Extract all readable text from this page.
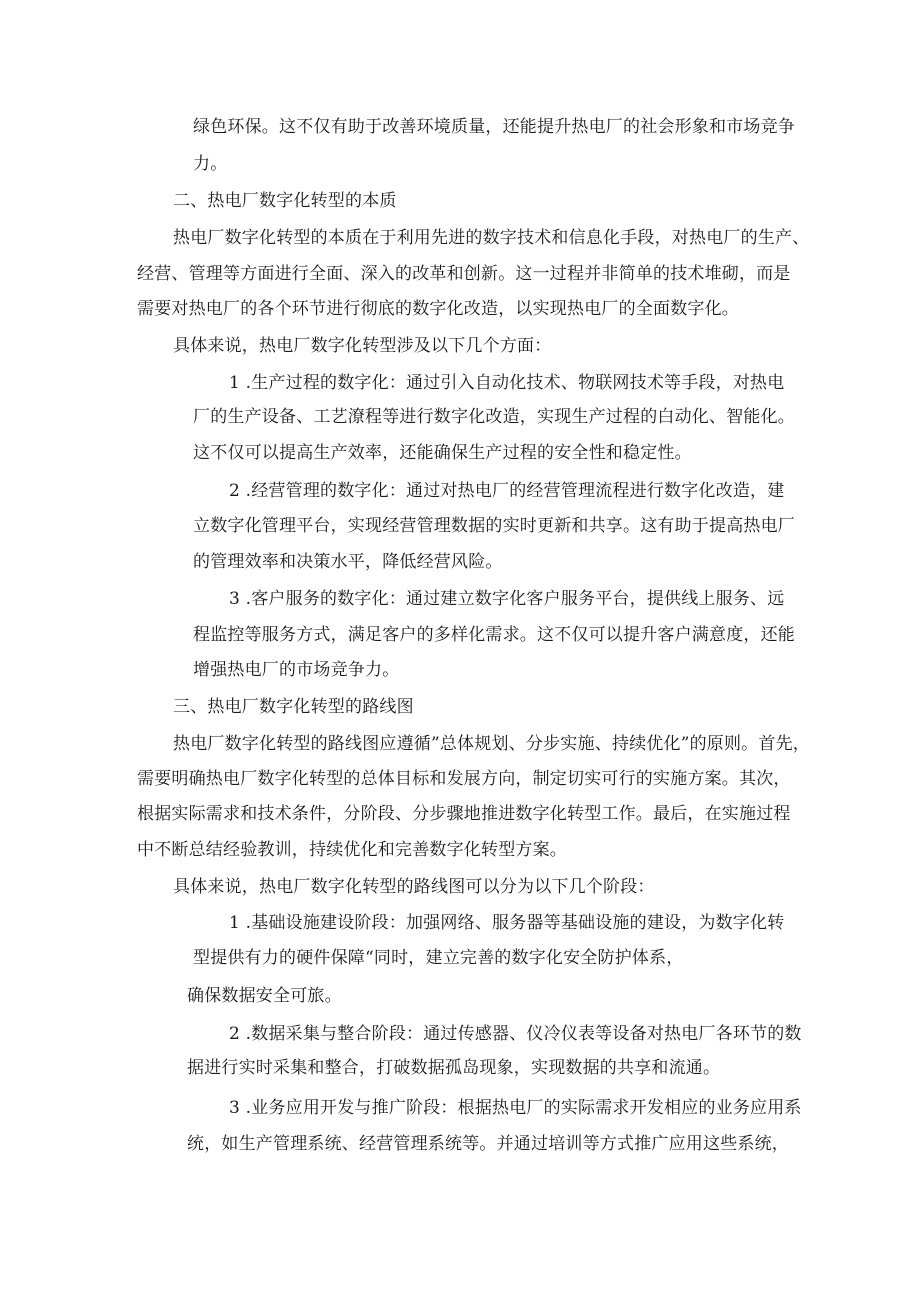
绿色环保。这不仅有助于改善环境质量，还能提升热电厂的社会形象和市场竞争
力。
二、热电厂数字化转型的本质
热电厂数字化转型的本质在于利用先进的数字技术和信息化手段，对热电厂的生产、
经营、管理等方面进行全面、深入的改革和创新。这一过程并非简单的技术堆砌，而是
需要对热电厂的各个环节进行彻底的数字化改造，以实现热电厂的全面数字化。
具体来说，热电厂数字化转型涉及以下几个方面：
1 .生产过程的数字化：通过引入自动化技术、物联网技术等手段，对热电
厂的生产设备、工艺潦程等进行数字化改造，实现生产过程的白动化、智能化。
这不仅可以提高生产效率，还能确保生产过程的安全性和稳定性。
2 .经营管理的数字化：通过对热电厂的经营管理流程进行数字化改造，建
立数字化管理平台，实现经营管理数据的实时更新和共享。这有助于提高热电厂
的管理效率和决策水平，降低经营风险。
3 .客户服务的数字化：通过建立数字化客户服务平台，提供线上服务、远
程监控等服务方式，满足客户的多样化需求。这不仅可以提升客户满意度，还能
增强热电厂的市场竞争力。
三、热电厂数字化转型的路线图
热电厂数字化转型的路线图应遵循”总体规划、分步实施、持续优化”的原则。首先，
需要明确热电厂数字化转型的总体目标和发展方向，制定切实可行的实施方案。其次，
根据实际需求和技术条件，分阶段、分步骤地推进数字化转型工作。最后，在实施过程
中不断总结经验教训，持续优化和完善数字化转型方案。
具体来说，热电厂数字化转型的路线图可以分为以下几个阶段：
1 .基础设施建设阶段：加强网络、服务器等基础设施的建设，为数字化转
型提供有力的硬件保障“同时，建立完善的数字化安全防护体系，
确保数据安全可旅。
2 .数据采集与整合阶段：通过传感器、仪冷仪表等设备对热电厂各环节的数
据进行实时采集和整合，打破数据孤岛现象，实现数据的共享和流通。
3 .业务应用开发与推广阶段：根据热电厂的实际需求开发相应的业务应用系
统，如生产管理系统、经营管理系统等。并通过培训等方式推广应用这些系统，
